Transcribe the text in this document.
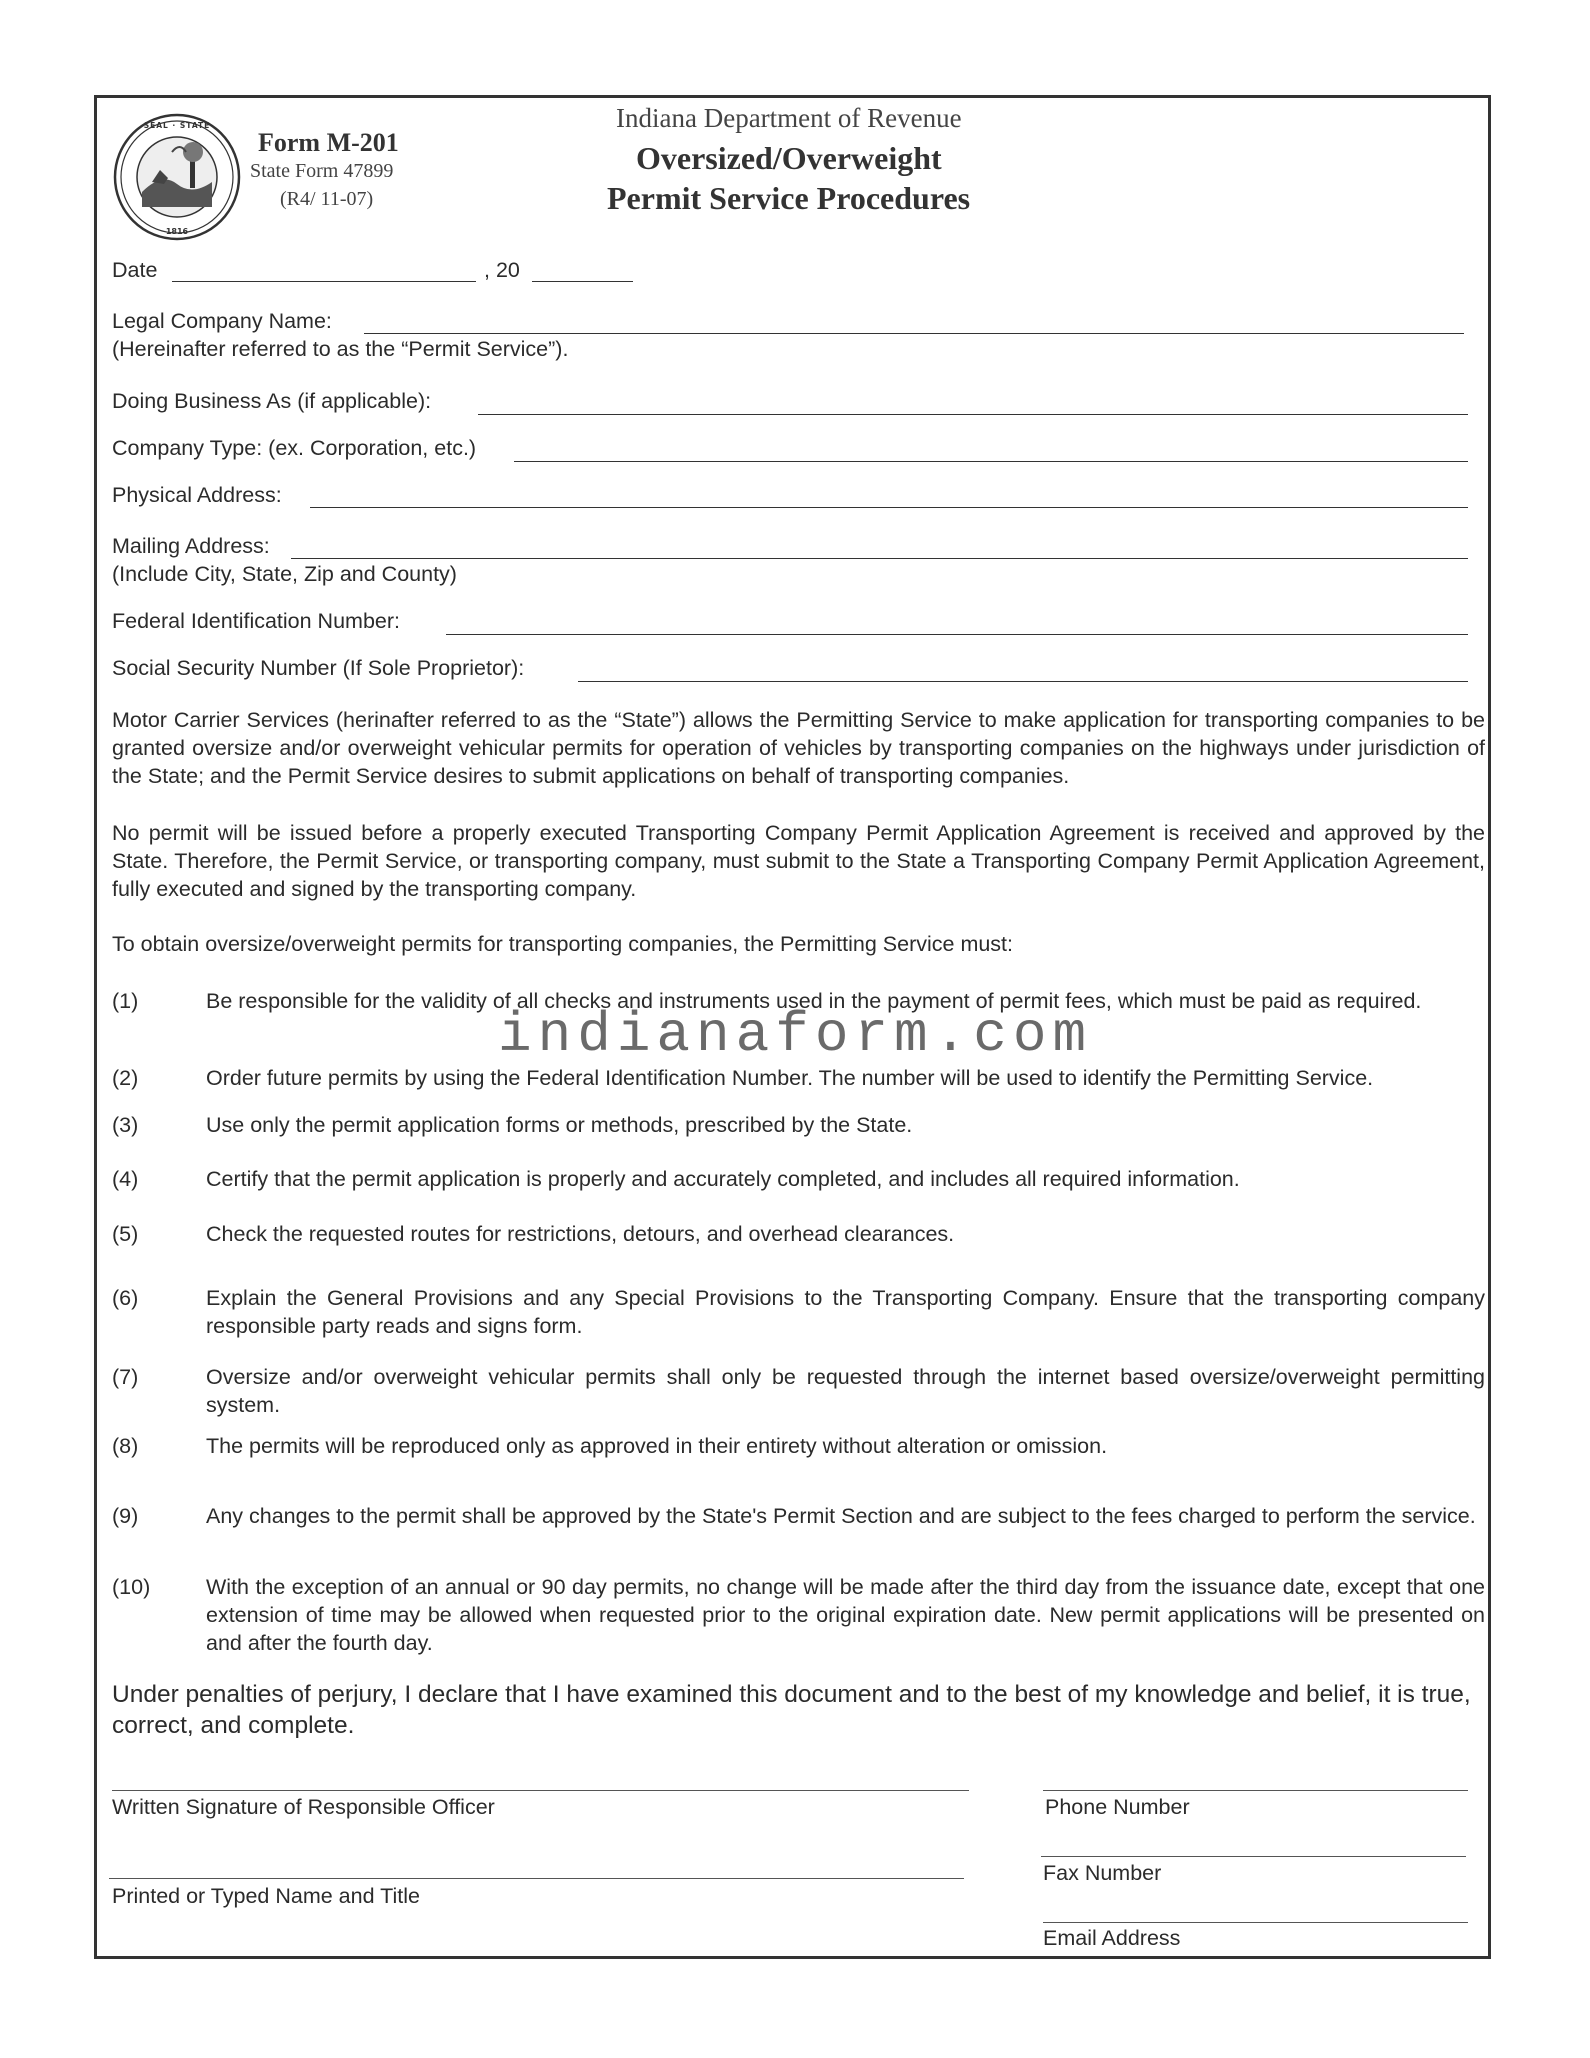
SEAL · STATE
1816
Form M-201
State Form 47899
(R4/ 11-07)
Indiana Department of Revenue
Oversized/Overweight
Permit Service Procedures
Date	, 20
Legal Company Name:
(Hereinafter referred to as the “Permit Service”).
Doing Business As (if applicable):
Company Type: (ex. Corporation, etc.)
Physical Address:
Mailing Address:
(Include City, State, Zip and County)
Federal Identification Number:
Social Security Number (If Sole Proprietor):
Motor Carrier Services (herinafter referred to as the “State”) allows the Permitting Service to make application for transporting companies to be granted oversize and/or overweight vehicular permits for operation of vehicles by transporting companies on the highways under jurisdiction of the State; and the Permit Service desires to submit applications on behalf of transporting companies.
No permit will be issued before a properly executed Transporting Company Permit Application Agreement is received and approved by the State. Therefore, the Permit Service, or transporting company, must submit to the State a Transporting Company Permit Application Agreement, fully executed and signed by the transporting company.
To obtain oversize/overweight permits for transporting companies, the Permitting Service must:
(1)	Be responsible for the validity of all checks and instruments used in the payment of permit fees, which must be paid as required.
(2)	Order future permits by using the Federal Identification Number. The number will be used to identify the Permitting Service.
(3)	Use only the permit application forms or methods, prescribed by the State.
(4)	Certify that the permit application is properly and accurately completed, and includes all required information.
(5)	Check the requested routes for restrictions, detours, and overhead clearances.
(6)	Explain the General Provisions and any Special Provisions to the Transporting Company. Ensure that the transporting company responsible party reads and signs form.
(7)	Oversize and/or overweight vehicular permits shall only be requested through the internet based oversize/overweight permitting system.
(8)	The permits will be reproduced only as approved in their entirety without alteration or omission.
(9)	Any changes to the permit shall be approved by the State's Permit Section and are subject to the fees charged to perform the service.
(10)	With the exception of an annual or 90 day permits, no change will be made after the third day from the issuance date, except that one extension of time may be allowed when requested prior to the original expiration date. New permit applications will be presented on and after the fourth day.
Under penalties of perjury, I declare that I have examined this document and to the best of my knowledge and belief, it is true, correct, and complete.
Written Signature of Responsible Officer	Phone Number
Printed or Typed Name and Title
Fax Number
Email Address
indianaform.com
